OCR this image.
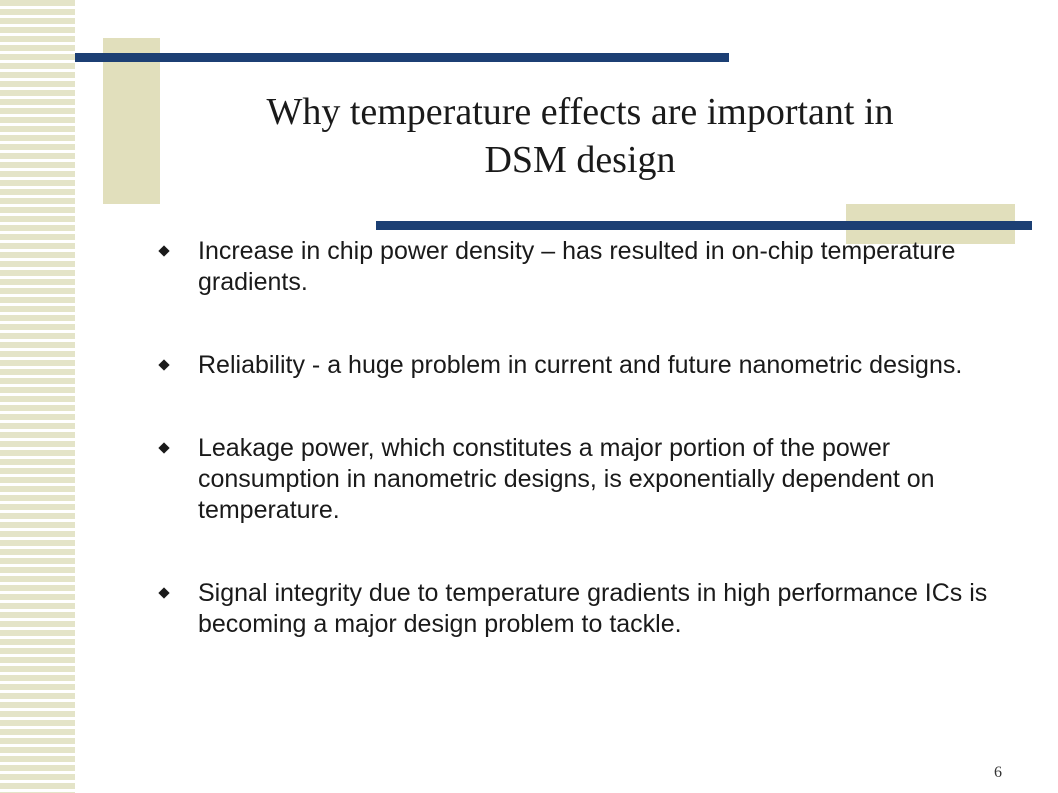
Why temperature effects are important in
DSM design
Increase in chip power density – has resulted in on-chip temperature gradients.
Reliability - a huge problem in current and future nanometric designs.
Leakage power, which constitutes a major portion of the power consumption in nanometric designs, is exponentially dependent on temperature.
Signal integrity due to temperature gradients in high performance ICs is becoming a major design problem to tackle.
6
